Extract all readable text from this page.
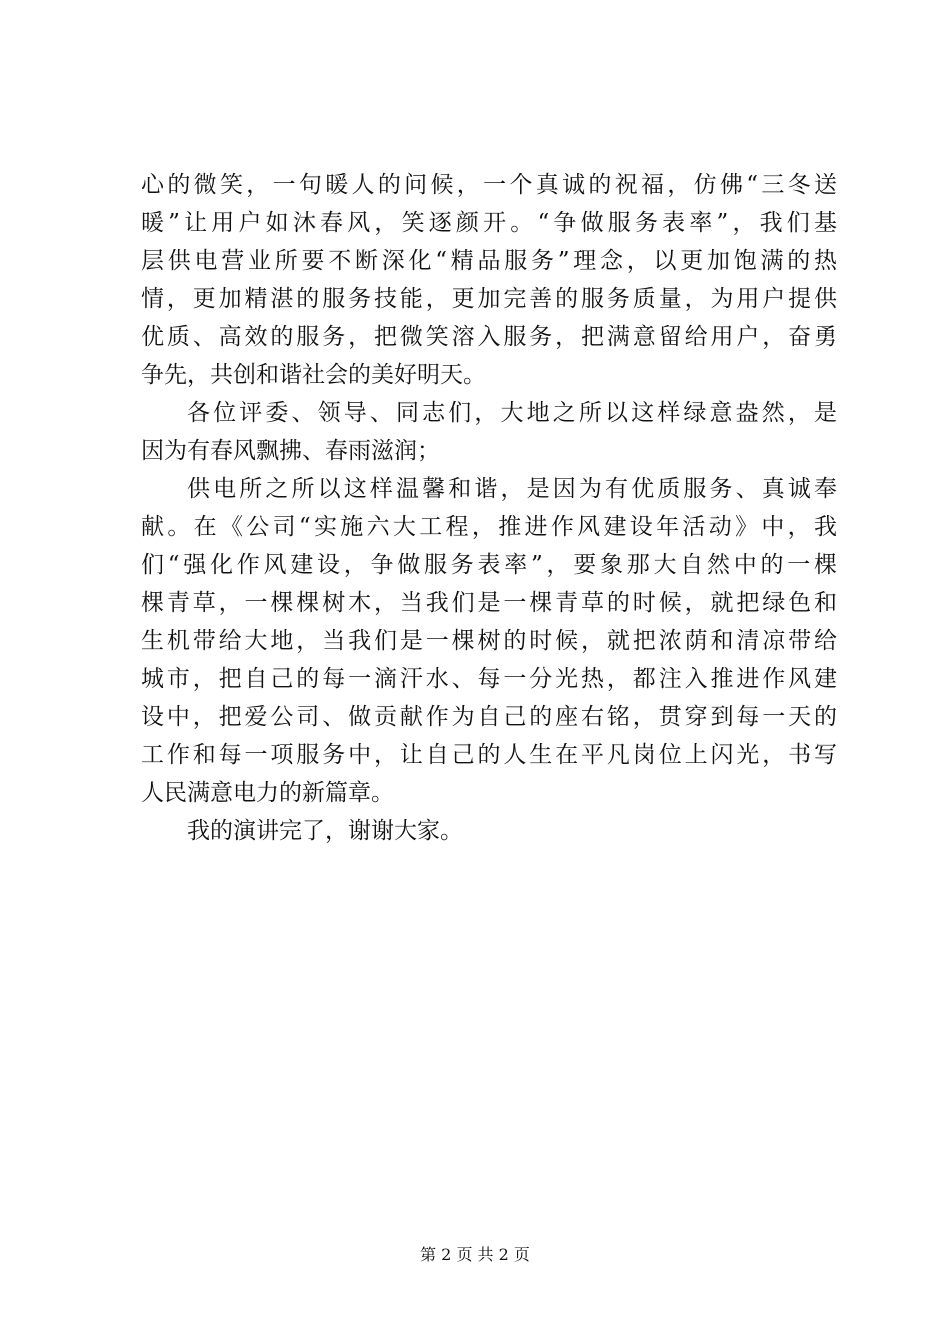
心的微笑，一句暖人的问候，一个真诚的祝福，仿佛“三冬送
暖”让用户如沐春风，笑逐颜开。“争做服务表率”，我们基
层供电营业所要不断深化“精品服务”理念，以更加饱满的热
情，更加精湛的服务技能，更加完善的服务质量，为用户提供
优质、高效的服务，把微笑溶入服务，把满意留给用户，奋勇
争先，共创和谐社会的美好明天。
各位评委、领导、同志们，大地之所以这样绿意盎然，是
因为有春风飘拂、春雨滋润；
供电所之所以这样温馨和谐，是因为有优质服务、真诚奉
献。在《公司“实施六大工程，推进作风建设年活动》中，我
们“强化作风建设，争做服务表率”，要象那大自然中的一棵
棵青草，一棵棵树木，当我们是一棵青草的时候，就把绿色和
生机带给大地，当我们是一棵树的时候，就把浓荫和清凉带给
城市，把自己的每一滴汗水、每一分光热，都注入推进作风建
设中，把爱公司、做贡献作为自己的座右铭，贯穿到每一天的
工作和每一项服务中，让自己的人生在平凡岗位上闪光，书写
人民满意电力的新篇章。
我的演讲完了，谢谢大家。
第 2 页 共 2 页
